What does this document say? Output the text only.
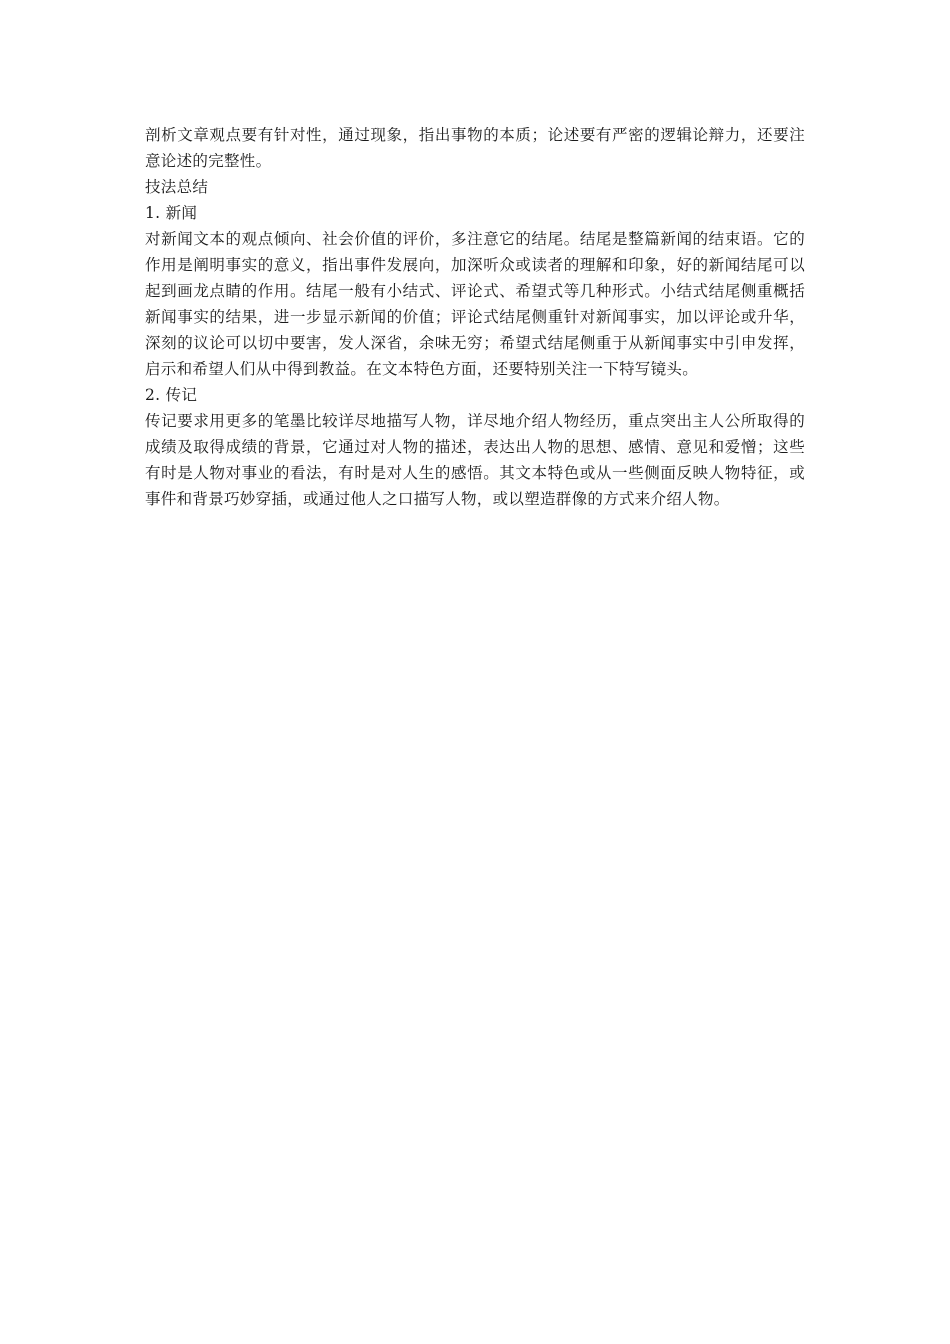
剖析文章观点要有针对性，通过现象，指出事物的本质；论述要有严密的逻辑论辩力，还要注意论述的完整性。

技法总结

1. 新闻

对新闻文本的观点倾向、社会价值的评价，多注意它的结尾。结尾是整篇新闻的结束语。它的作用是阐明事实的意义，指出事件发展向，加深听众或读者的理解和印象，好的新闻结尾可以起到画龙点睛的作用。结尾一般有小结式、评论式、希望式等几种形式。小结式结尾侧重概括新闻事实的结果，进一步显示新闻的价值；评论式结尾侧重针对新闻事实，加以评论或升华，深刻的议论可以切中要害，发人深省，余味无穷；希望式结尾侧重于从新闻事实中引申发挥，启示和希望人们从中得到教益。在文本特色方面，还要特别关注一下特写镜头。

2. 传记

传记要求用更多的笔墨比较详尽地描写人物，详尽地介绍人物经历，重点突出主人公所取得的成绩及取得成绩的背景，它通过对人物的描述，表达出人物的思想、感情、意见和爱憎；这些有时是人物对事业的看法，有时是对人生的感悟。其文本特色或从一些侧面反映人物特征，或事件和背景巧妙穿插，或通过他人之口描写人物，或以塑造群像的方式来介绍人物。
